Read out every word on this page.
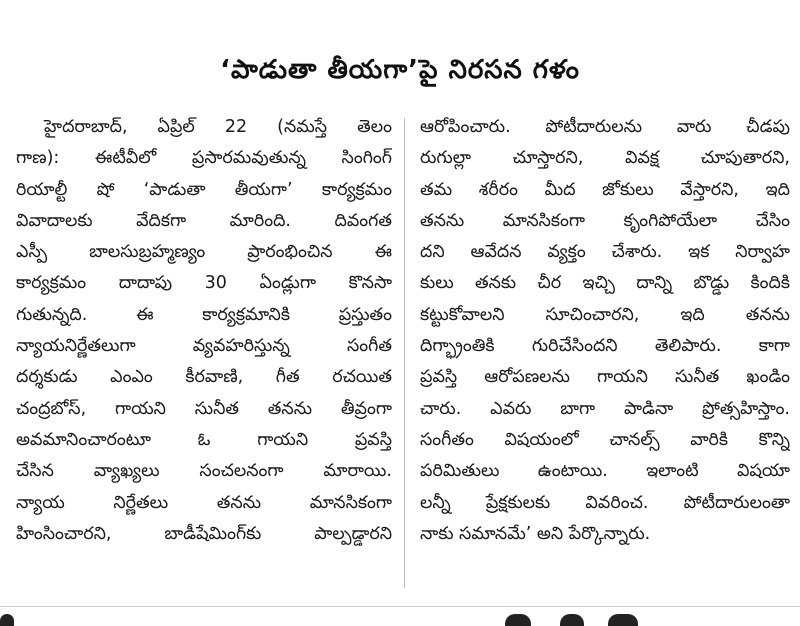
‘పాడుతా తీయగా’పై నిరసన గళం
హైదరాబాద్‌, ఏప్రిల్‌ 22 (నమస్తే తెలం
గాణ): ఈటీవీలో ప్రసారమవుతున్న సింగింగ్‌
రియాల్టీ షో ‘పాడుతా తీయగా’ కార్యక్రమం
వివాదాలకు వేదికగా మారింది. దివంగత
ఎస్పీ బాలసుబ్రహ్మణ్యం ప్రారంభించిన ఈ
కార్యక్రమం దాదాపు 30 ఏండ్లుగా కొనసా
గుతున్నది. ఈ కార్యక్రమానికి ప్రస్తుతం
న్యాయనిర్ణేతలుగా వ్యవహరిస్తున్న సంగీత
దర్శకుడు ఎంఎం కీరవాణి, గీత రచయిత
చంద్రబోస్‌, గాయని సునీత తనను తీవ్రంగా
అవమానించారంటూ ఓ గాయని ప్రవస్తి
చేసిన వ్యాఖ్యలు సంచలనంగా మారాయి.
న్యాయ నిర్ణేతలు తనను మానసికంగా
హింసించారని, బాడీషేమింగ్‌కు పాల్పడ్డారని
ఆరోపించారు. పోటీదారులను వారు చీడపు
రుగుల్లా చూస్తారని, వివక్ష చూపుతారని,
తమ శరీరం మీద జోకులు వేస్తారని, ఇది
తనను మానసికంగా కృంగిపోయేలా చేసిం
దని ఆవేదన వ్యక్తం చేశారు. ఇక నిర్వాహ
కులు తనకు చీర ఇచ్చి దాన్ని బొడ్డు కిందికి
కట్టుకోవాలని సూచించారని, ఇది తనను
దిగ్భ్రాంతికి గురిచేసిందని తెలిపారు. కాగా
ప్రవస్తి ఆరోపణలను గాయని సునీత ఖండిం
చారు. ఎవరు బాగా పాడినా ప్రోత్సహిస్తాం.
సంగీతం విషయంలో చానల్స్‌ వారికి కొన్ని
పరిమితులు ఉంటాయి. ఇలాంటి విషయా
లన్నీ ప్రేక్షకులకు వివరించ. పోటీదారులంతా
నాకు సమానమే’ అని పేర్కొన్నారు.
